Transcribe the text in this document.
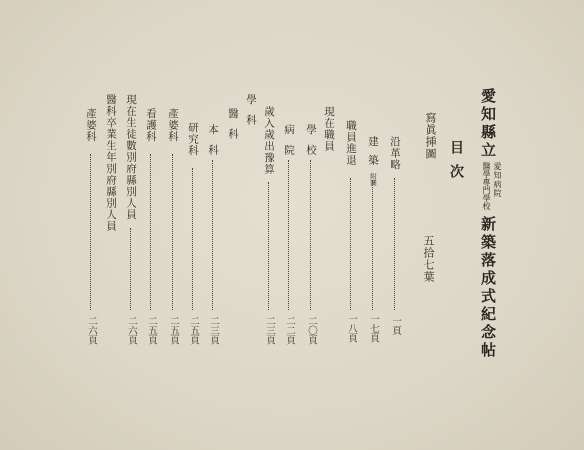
愛知縣立醫學專門學校 愛知病院新築落成式紀念帖
目次
寫眞挿圖
五拾七葉
沿革略
一頁
建築附圖
一七頁
職員進退
一八頁
現在職員
學校
二〇頁
病院
二二頁
歲入歲出豫算
二三頁
學科
醫科
本科
二三頁
研究科
二五頁
產婆科
二五頁
看護科
二五頁
現在生徒數別府縣別人員
二六頁
醫科卒業生年別府縣別人員
產婆科
二六頁
